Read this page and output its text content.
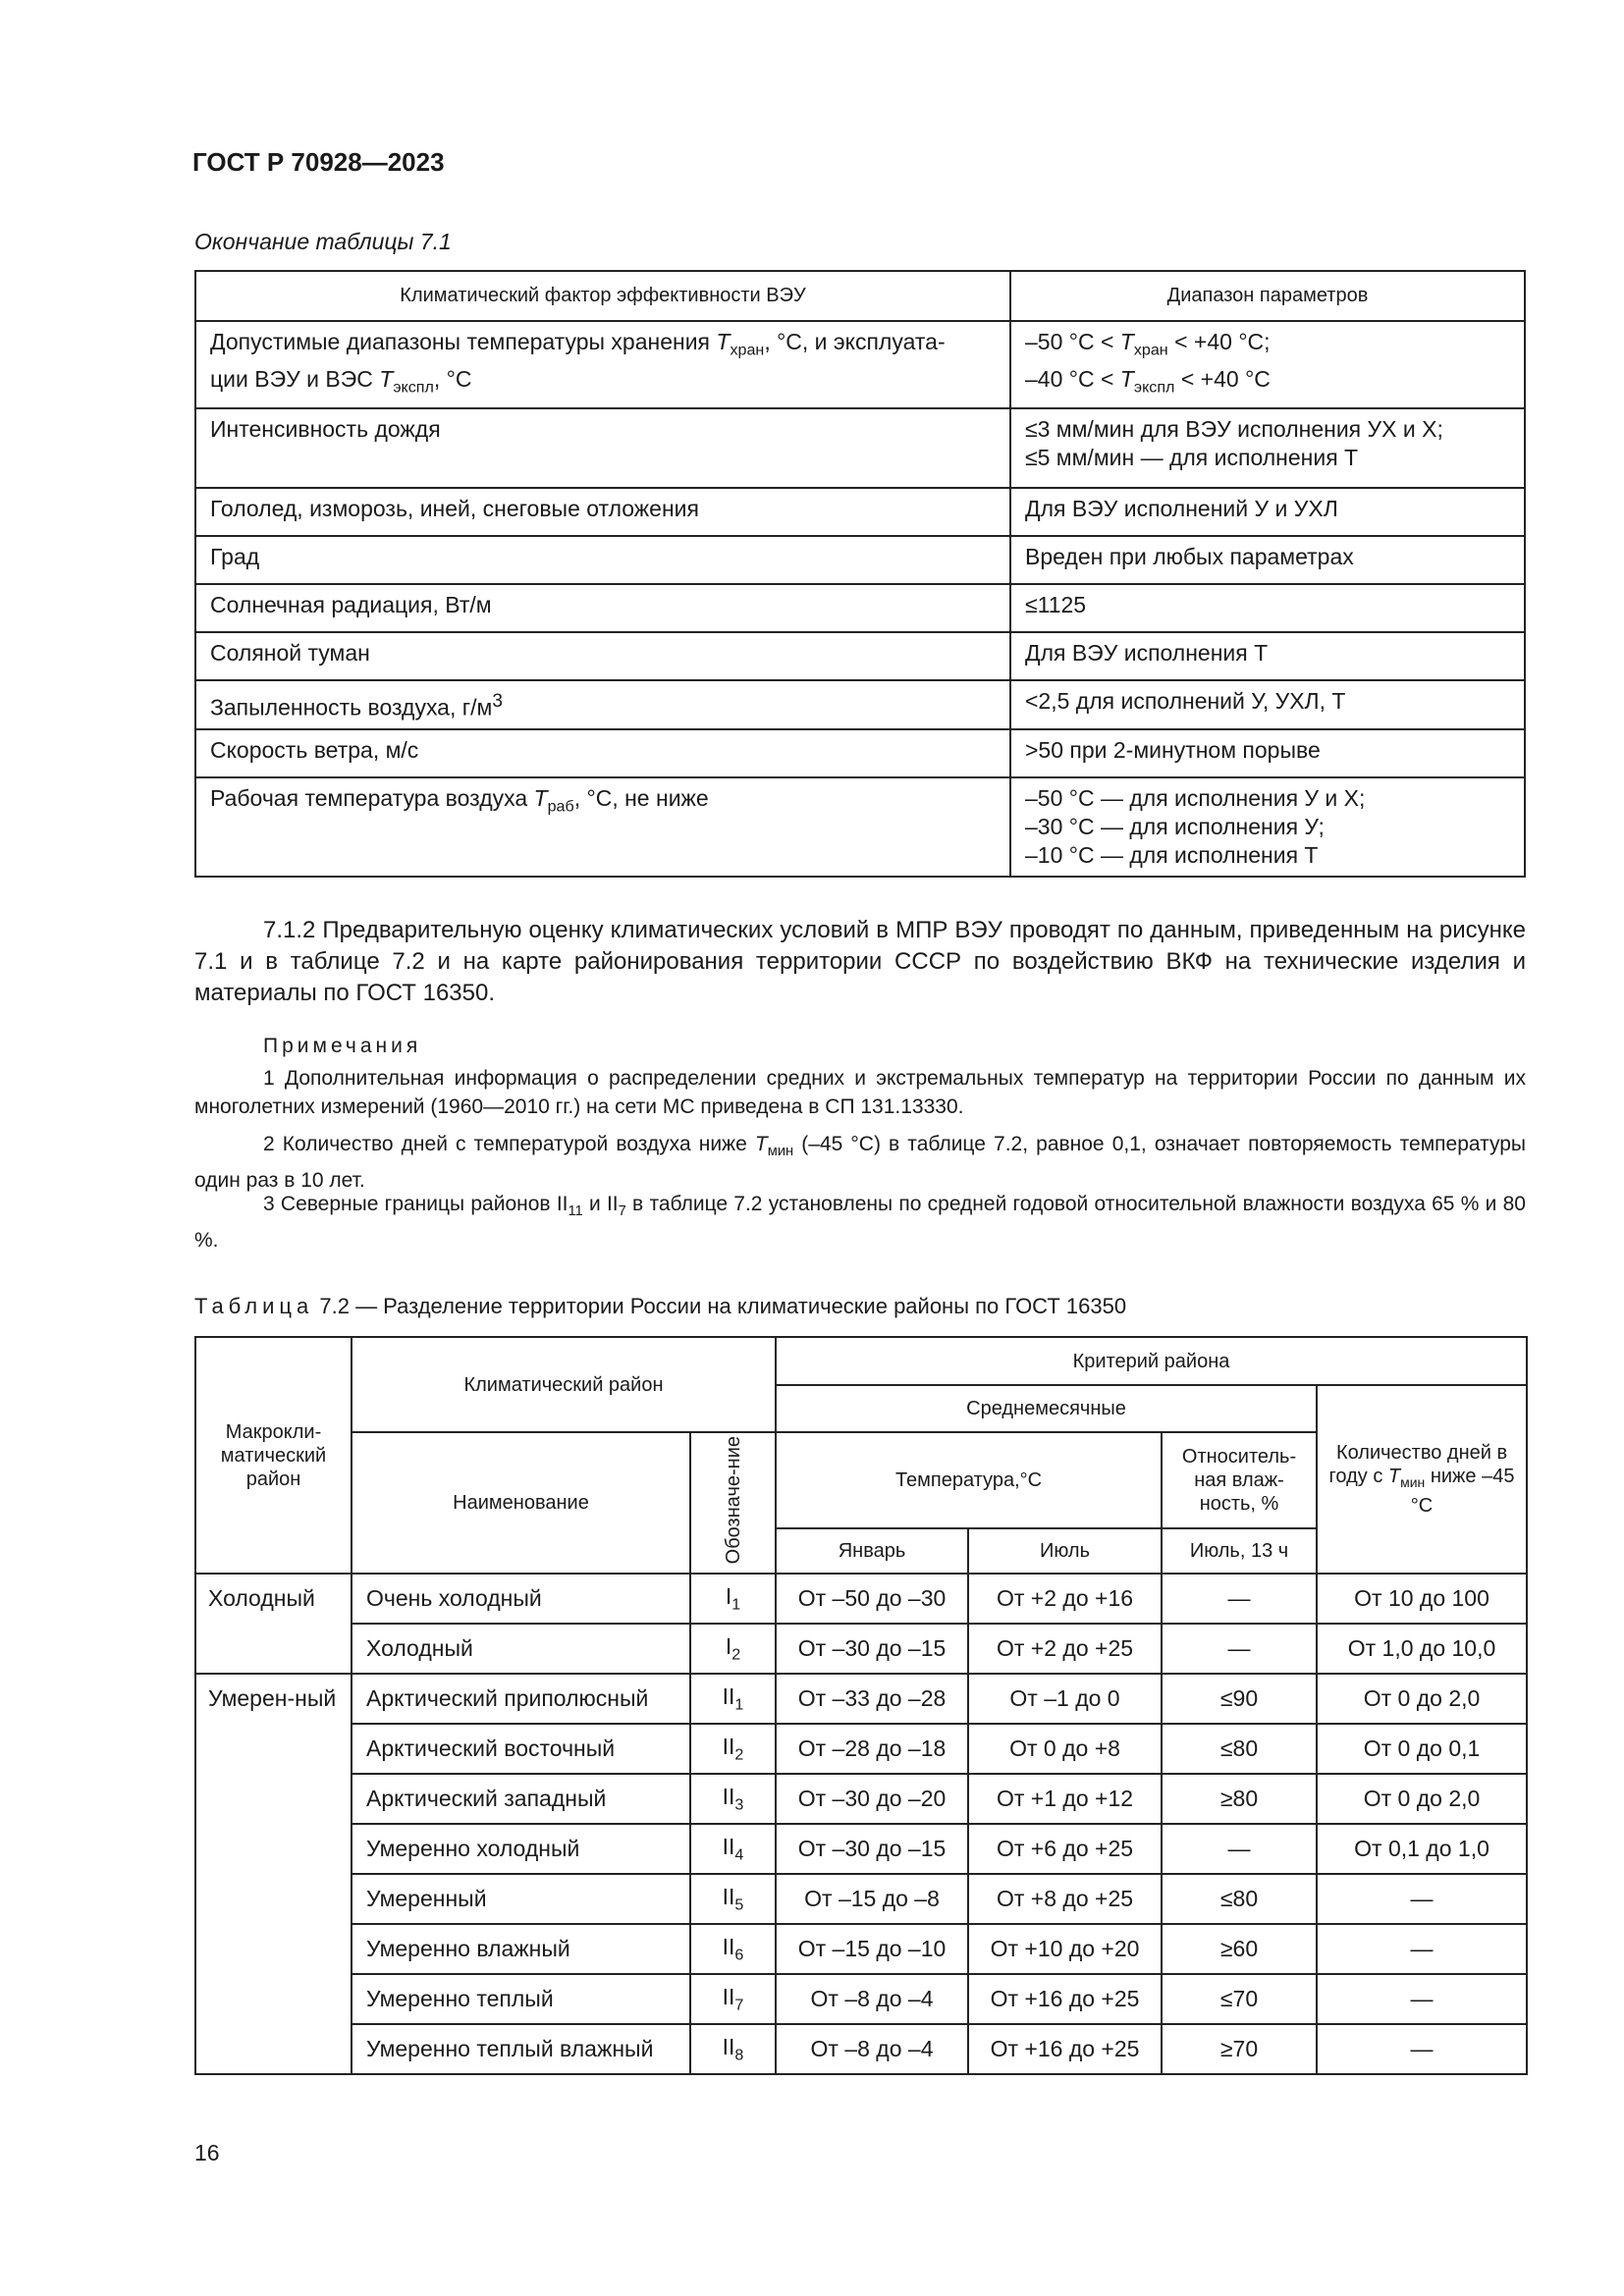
ГОСТ Р 70928—2023
Окончание таблицы 7.1
Климатический фактор эффективности ВЭУ	Диапазон параметров
Допустимые диапазоны температуры хранения $T_{хран}$, °С, и эксплуата-
ции ВЭУ и ВЭС $T_{экспл}$, °С	–50 $^\circ С < T_{хран} < +40$ °С;
–40 $^\circ С < T_{экспл} < +40$ °С
Интенсивность дождя	≤3 мм/мин для ВЭУ исполнения УХ и Х;
≤5 мм/мин — для исполнения Т
Гололед, изморозь, иней, снеговые отложения	Для ВЭУ исполнений У и УХЛ
Град	Вреден при любых параметрах
Солнечная радиация, Вт/м	≤1125
Соляной туман	Для ВЭУ исполнения Т
Запыленность воздуха, $г/м^3$	<2,5 для исполнений У, УХЛ, Т
Скорость ветра, м/с	>50 при 2-минутном порыве
Рабочая температура воздуха $T_{раб}$, °С, не ниже	–50 °С — для исполнения У и Х;
–30 °С — для исполнения У;
–10 °С — для исполнения Т
7.1.2 Предварительную оценку климатических условий в МПР ВЭУ проводят по данным, приведенным на рисунке 7.1 и в таблице 7.2 и на карте районирования территории СССР по воздействию ВКФ на технические изделия и материалы по ГОСТ 16350.
Примечания
1 Дополнительная информация о распределении средних и экстремальных температур на территории России по данным их многолетних измерений (1960—2010 гг.) на сети МС приведена в СП 131.13330.
2 Количество дней с температурой воздуха ниже $T_{мин}$ (–45 °С) в таблице 7.2, равное 0,1, означает повторяемость температуры один раз в 10 лет.
3 Северные границы районов $II_{11}$ и $II_7$ в таблице 7.2 установлены по средней годовой относительной влажности воздуха 65 % и 80 %.
Таблица 7.2 — Разделение территории России на климатические районы по ГОСТ 16350
Макрокли-матический район	Климатический район		Критерий района			
			Среднемесячные			Количество дней в году с $T_{мин}$ ниже –45 °С
	Наименование	Обозначе-ние	Температура,°С		Относитель-ная влаж-ность, %	
			Январь	Июль	Июль, 13 ч	
Холодный	Очень холодный	$I_1$	От –50 до –30	От +2 до +16	—	От 10 до 100
	Холодный	$I_2$	От –30 до –15	От +2 до +25	—	От 1,0 до 10,0
Умерен-ный	Арктический приполюсный	$II_1$	От –33 до –28	От –1 до 0	≤90	От 0 до 2,0
	Арктический восточный	$II_2$	От –28 до –18	От 0 до +8	≤80	От 0 до 0,1
	Арктический западный	$II_3$	От –30 до –20	От +1 до +12	≥80	От 0 до 2,0
	Умеренно холодный	$II_4$	От –30 до –15	От +6 до +25	—	От 0,1 до 1,0
	Умеренный	$II_5$	От –15 до –8	От +8 до +25	≤80	—
	Умеренно влажный	$II_6$	От –15 до –10	От +10 до +20	≥60	—
	Умеренно теплый	$II_7$	От –8 до –4	От +16 до +25	≤70	—
	Умеренно теплый влажный	$II_8$	От –8 до –4	От +16 до +25	≥70	—
16
